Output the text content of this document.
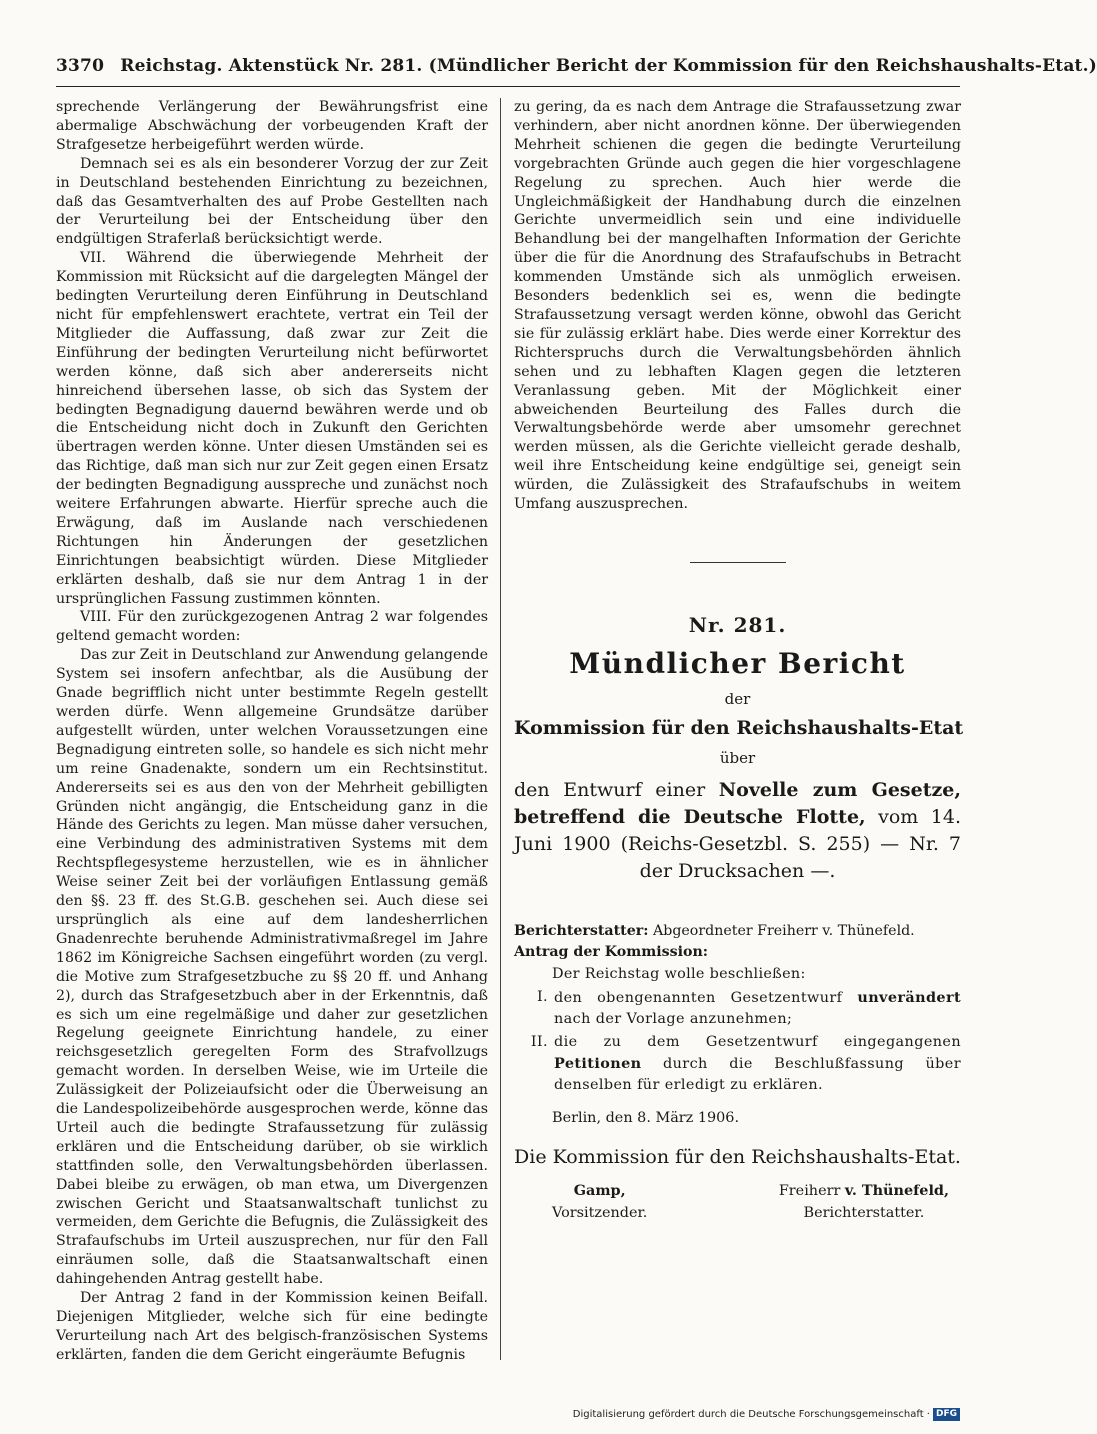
3370 Reichstag. Aktenstück Nr. 281. (Mündlicher Bericht der Kommission für den Reichshaushalts-Etat.)

sprechende Verlängerung der Bewährungsfrist eine abermalige Abschwächung der vorbeugenden Kraft der Strafgesetze herbeigeführt werden würde.

Demnach sei es als ein besonderer Vorzug der zur Zeit in Deutschland bestehenden Einrichtung zu bezeichnen, daß das Gesamtverhalten des auf Probe Gestellten nach der Verurteilung bei der Entscheidung über den endgültigen Straferlaß berücksichtigt werde.

VII. Während die überwiegende Mehrheit der Kommission mit Rücksicht auf die dargelegten Mängel der bedingten Verurteilung deren Einführung in Deutschland nicht für empfehlenswert erachtete, vertrat ein Teil der Mitglieder die Auffassung, daß zwar zur Zeit die Einführung der bedingten Verurteilung nicht befürwortet werden könne, daß sich aber andererseits nicht hinreichend übersehen lasse, ob sich das System der bedingten Begnadigung dauernd bewähren werde und ob die Entscheidung nicht doch in Zukunft den Gerichten übertragen werden könne. Unter diesen Umständen sei es das Richtige, daß man sich nur zur Zeit gegen einen Ersatz der bedingten Begnadigung ausspreche und zunächst noch weitere Erfahrungen abwarte. Hierfür spreche auch die Erwägung, daß im Auslande nach verschiedenen Richtungen hin Änderungen der gesetzlichen Einrichtungen beabsichtigt würden. Diese Mitglieder erklärten deshalb, daß sie nur dem Antrag 1 in der ursprünglichen Fassung zustimmen könnten.

VIII. Für den zurückgezogenen Antrag 2 war folgendes geltend gemacht worden:

Das zur Zeit in Deutschland zur Anwendung gelangende System sei insofern anfechtbar, als die Ausübung der Gnade begrifflich nicht unter bestimmte Regeln gestellt werden dürfe. Wenn allgemeine Grundsätze darüber aufgestellt würden, unter welchen Voraussetzungen eine Begnadigung eintreten solle, so handele es sich nicht mehr um reine Gnadenakte, sondern um ein Rechtsinstitut. Andererseits sei es aus den von der Mehrheit gebilligten Gründen nicht angängig, die Entscheidung ganz in die Hände des Gerichts zu legen. Man müsse daher versuchen, eine Verbindung des administrativen Systems mit dem Rechtspflegesysteme herzustellen, wie es in ähnlicher Weise seiner Zeit bei der vorläufigen Entlassung gemäß den §§. 23 ff. des St.G.B. geschehen sei. Auch diese sei ursprünglich als eine auf dem landesherrlichen Gnadenrechte beruhende Administrativmaßregel im Jahre 1862 im Königreiche Sachsen eingeführt worden (zu vergl. die Motive zum Strafgesetzbuche zu §§ 20 ff. und Anhang 2), durch das Strafgesetzbuch aber in der Erkenntnis, daß es sich um eine regelmäßige und daher zur gesetzlichen Regelung geeignete Einrichtung handele, zu einer reichsgesetzlich geregelten Form des Strafvollzugs gemacht worden. In derselben Weise, wie im Urteile die Zulässigkeit der Polizeiaufsicht oder die Überweisung an die Landespolizeibehörde ausgesprochen werde, könne das Urteil auch die bedingte Strafaussetzung für zulässig erklären und die Entscheidung darüber, ob sie wirklich stattfinden solle, den Verwaltungsbehörden überlassen. Dabei bleibe zu erwägen, ob man etwa, um Divergenzen zwischen Gericht und Staatsanwaltschaft tunlichst zu vermeiden, dem Gerichte die Befugnis, die Zulässigkeit des Strafaufschubs im Urteil auszusprechen, nur für den Fall einräumen solle, daß die Staatsanwaltschaft einen dahingehenden Antrag gestellt habe.

Der Antrag 2 fand in der Kommission keinen Beifall. Diejenigen Mitglieder, welche sich für eine bedingte Verurteilung nach Art des belgisch-französischen Systems erklärten, fanden die dem Gericht eingeräumte Befugnis

zu gering, da es nach dem Antrage die Strafaussetzung zwar verhindern, aber nicht anordnen könne. Der überwiegenden Mehrheit schienen die gegen die bedingte Verurteilung vorgebrachten Gründe auch gegen die hier vorgeschlagene Regelung zu sprechen. Auch hier werde die Ungleichmäßigkeit der Handhabung durch die einzelnen Gerichte unvermeidlich sein und eine individuelle Behandlung bei der mangelhaften Information der Gerichte über die für die Anordnung des Strafaufschubs in Betracht kommenden Umstände sich als unmöglich erweisen. Besonders bedenklich sei es, wenn die bedingte Strafaussetzung versagt werden könne, obwohl das Gericht sie für zulässig erklärt habe. Dies werde einer Korrektur des Richterspruchs durch die Verwaltungsbehörden ähnlich sehen und zu lebhaften Klagen gegen die letzteren Veranlassung geben. Mit der Möglichkeit einer abweichenden Beurteilung des Falles durch die Verwaltungsbehörde werde aber umsomehr gerechnet werden müssen, als die Gerichte vielleicht gerade deshalb, weil ihre Entscheidung keine endgültige sei, geneigt sein würden, die Zulässigkeit des Strafaufschubs in weitem Umfang auszusprechen.

Nr. 281.
Mündlicher Bericht
der
Kommission für den Reichshaushalts-Etat
über
den Entwurf einer Novelle zum Gesetze, betreffend die Deutsche Flotte, vom 14. Juni 1900 (Reichs-Gesetzbl. S. 255) — Nr. 7 der Drucksachen —.
Berichterstatter: Abgeordneter Freiherr v. Thünefeld.
Antrag der Kommission:
Der Reichstag wolle beschließen:
I. den obengenannten Gesetzentwurf unverändert nach der Vorlage anzunehmen;
II. die zu dem Gesetzentwurf eingegangenen Petitionen durch die Beschlußfassung über denselben für erledigt zu erklären.
Berlin, den 8. März 1906.
Die Kommission für den Reichshaushalts-Etat.
Gamp,
Vorsitzender.
Freiherr v. Thünefeld,
Berichterstatter.
Digitalisierung gefördert durch die Deutsche Forschungsgemeinschaft · DFG
